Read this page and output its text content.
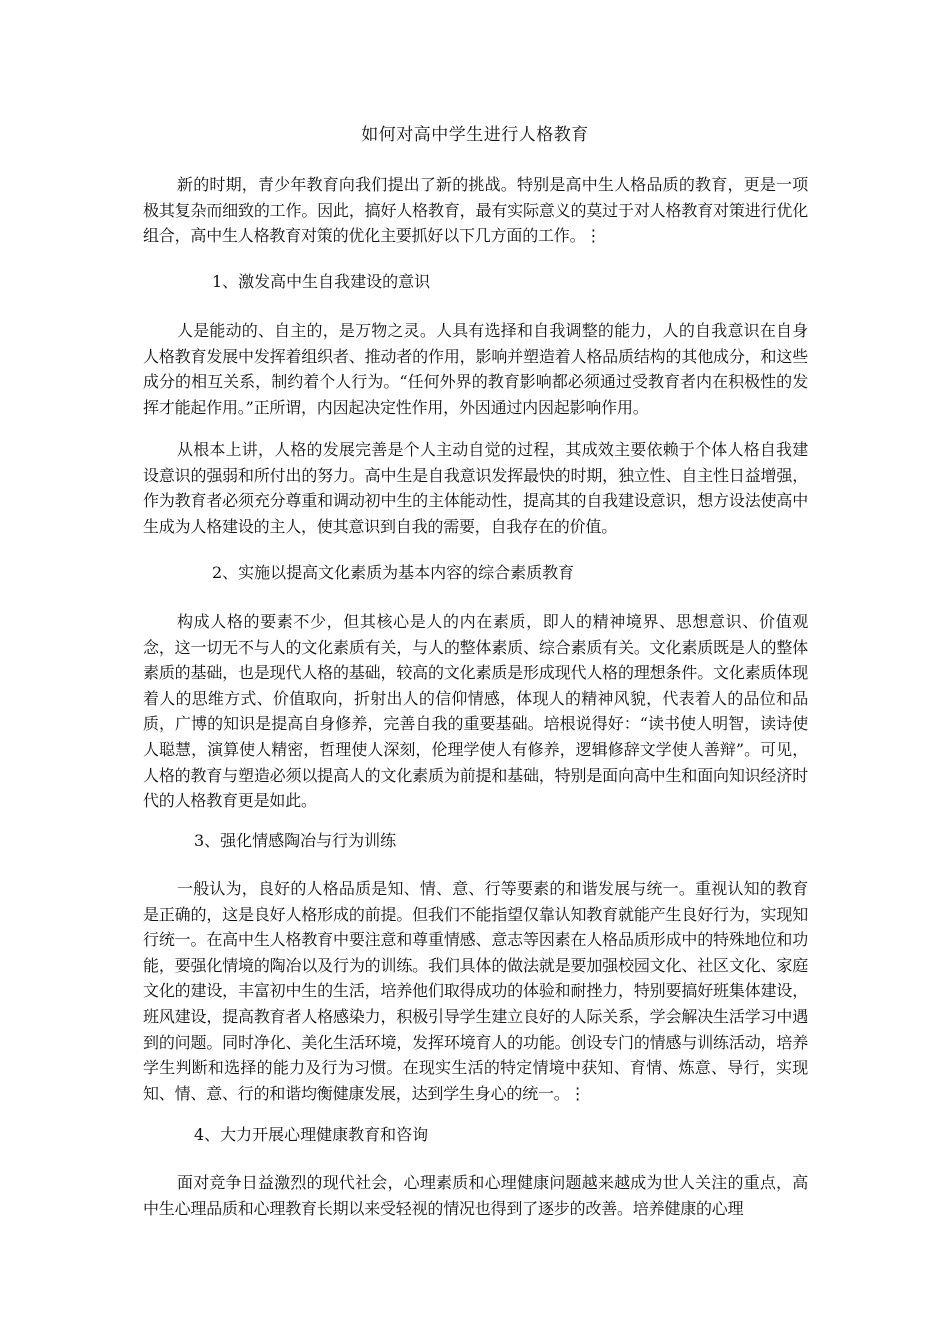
如何对高中学生进行人格教育

新的时期，青少年教育向我们提出了新的挑战。特别是高中生人格品质的教育，更是一项极其复杂而细致的工作。因此，搞好人格教育，最有实际意义的莫过于对人格教育对策进行优化组合，高中生人格教育对策的优化主要抓好以下几方面的工作。⋮

1、激发高中生自我建设的意识

人是能动的、自主的，是万物之灵。人具有选择和自我调整的能力，人的自我意识在自身人格教育发展中发挥着组织者、推动者的作用，影响并塑造着人格品质结构的其他成分，和这些成分的相互关系，制约着个人行为。“任何外界的教育影响都必须通过受教育者内在积极性的发挥才能起作用。”正所谓，内因起决定性作用，外因通过内因起影响作用。

从根本上讲，人格的发展完善是个人主动自觉的过程，其成效主要依赖于个体人格自我建设意识的强弱和所付出的努力。高中生是自我意识发挥最快的时期，独立性、自主性日益增强，作为教育者必须充分尊重和调动初中生的主体能动性，提高其的自我建设意识，想方设法使高中生成为人格建设的主人，使其意识到自我的需要，自我存在的价值。

2、实施以提高文化素质为基本内容的综合素质教育

构成人格的要素不少，但其核心是人的内在素质，即人的精神境界、思想意识、价值观念，这一切无不与人的文化素质有关，与人的整体素质、综合素质有关。文化素质既是人的整体素质的基础，也是现代人格的基础，较高的文化素质是形成现代人格的理想条件。文化素质体现着人的思维方式、价值取向，折射出人的信仰情感，体现人的精神风貌，代表着人的品位和品质，广博的知识是提高自身修养，完善自我的重要基础。培根说得好：“读书使人明智，读诗使人聪慧，演算使人精密，哲理使人深刻，伦理学使人有修养，逻辑修辞文学使人善辩”。可见，人格的教育与塑造必须以提高人的文化素质为前提和基础，特别是面向高中生和面向知识经济时代的人格教育更是如此。

3、强化情感陶冶与行为训练

一般认为，良好的人格品质是知、情、意、行等要素的和谐发展与统一。重视认知的教育是正确的，这是良好人格形成的前提。但我们不能指望仅靠认知教育就能产生良好行为，实现知行统一。在高中生人格教育中要注意和尊重情感、意志等因素在人格品质形成中的特殊地位和功能，要强化情境的陶冶以及行为的训练。我们具体的做法就是要加强校园文化、社区文化、家庭文化的建设，丰富初中生的生活，培养他们取得成功的体验和耐挫力，特别要搞好班集体建设，班风建设，提高教育者人格感染力，积极引导学生建立良好的人际关系，学会解决生活学习中遇到的问题。同时净化、美化生活环境，发挥环境育人的功能。创设专门的情感与训练活动，培养学生判断和选择的能力及行为习惯。在现实生活的特定情境中获知、育情、炼意、导行，实现知、情、意、行的和谐均衡健康发展，达到学生身心的统一。⋮

4、大力开展心理健康教育和咨询

面对竞争日益激烈的现代社会，心理素质和心理健康问题越来越成为世人关注的重点，高中生心理品质和心理教育长期以来受轻视的情况也得到了逐步的改善。培养健康的心理
